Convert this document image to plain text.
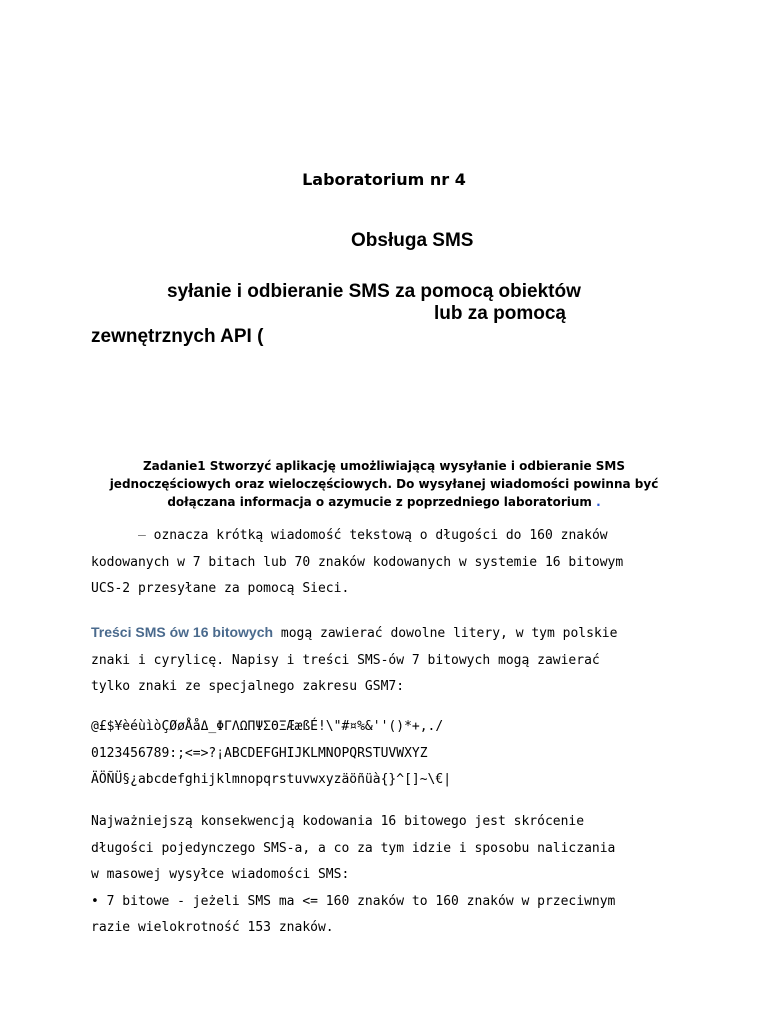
Laboratorium nr 4
Obsługa SMS
syłanie i odbieranie SMS za pomocą obiektów
lub za pomocą
zewnętrznych API (
Zadanie1 Stworzyć aplikację umożliwiającą wysyłanie i odbieranie SMS jednoczęściowych oraz wieloczęściowych. Do wysyłanej wiadomości powinna być dołączana informacja o azymucie z poprzedniego laboratorium .
— oznacza krótką wiadomość tekstową o długości do 160 znaków
kodowanych w 7 bitach lub 70 znaków kodowanych w systemie 16 bitowym
UCS-2 przesyłane za pomocą Sieci.
Treści SMS ów 16 bitowych mogą zawierać dowolne litery, w tym polskie
znaki i cyrylicę. Napisy i treści SMS-ów 7 bitowych mogą zawierać
tylko znaki ze specjalnego zakresu GSM7:
@£$¥èéùìòÇØøÅåΔ_ΦΓΛΩΠΨΣΘΞÆæßÉ!\"#¤%&''()*+,./
0123456789:;<=>?¡ABCDEFGHIJKLMNOPQRSTUVWXYZ
ÄÖÑÜ§¿abcdefghijklmnopqrstuvwxyzäöñüà{}^[]~\€|
Najważniejszą konsekwencją kodowania 16 bitowego jest skrócenie
długości pojedynczego SMS-a, a co za tym idzie i sposobu naliczania
w masowej wysyłce wiadomości SMS:
• 7 bitowe - jeżeli SMS ma <= 160 znaków to 160 znaków w przeciwnym
razie wielokrotność 153 znaków.
